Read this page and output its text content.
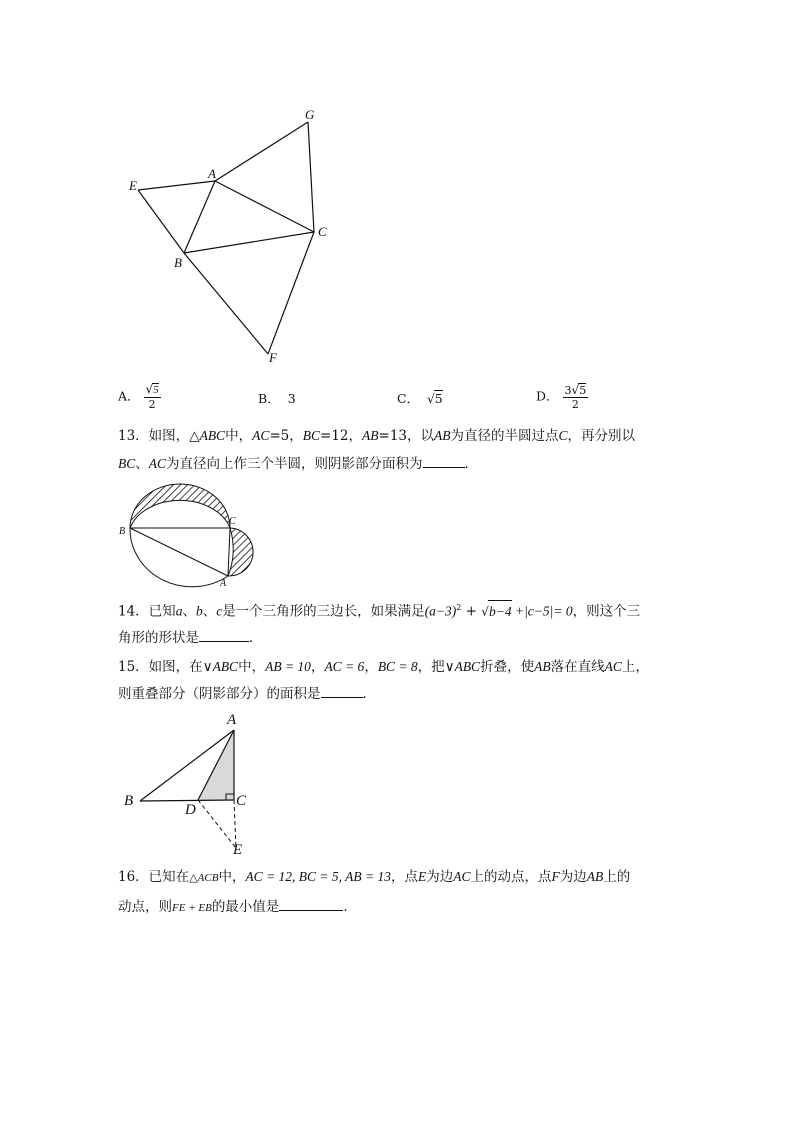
G
A
E
C
B
F
A． $\frac{√5}{2}$	B． 3	C． √5	D． $\frac{3√5}{2}$
13．如图，△ABC中，AC=5，BC=12，AB=13，以AB为直径的半圆过点C，再分别以
BC、AC为直径向上作三个半圆，则阴影部分面积为	．
B
C
A
14．已知a、b、c是一个三角形的三边长，如果满足$(a-3)^2 + √b-4 +|c-5|= 0$，则这个三
角形的形状是	．
15．如图，在∨ABC中，AB = 10，AC = 6，BC = 8，把∨ABC折叠，使AB落在直线AC上，
则重叠部分（阴影部分）的面积是	．
A
B
D
C
E
16．已知在△ACB中，AC = 12, BC = 5, AB = 13，点E为边AC上的动点，点F为边AB上的
动点，则FE + EB的最小值是	．
